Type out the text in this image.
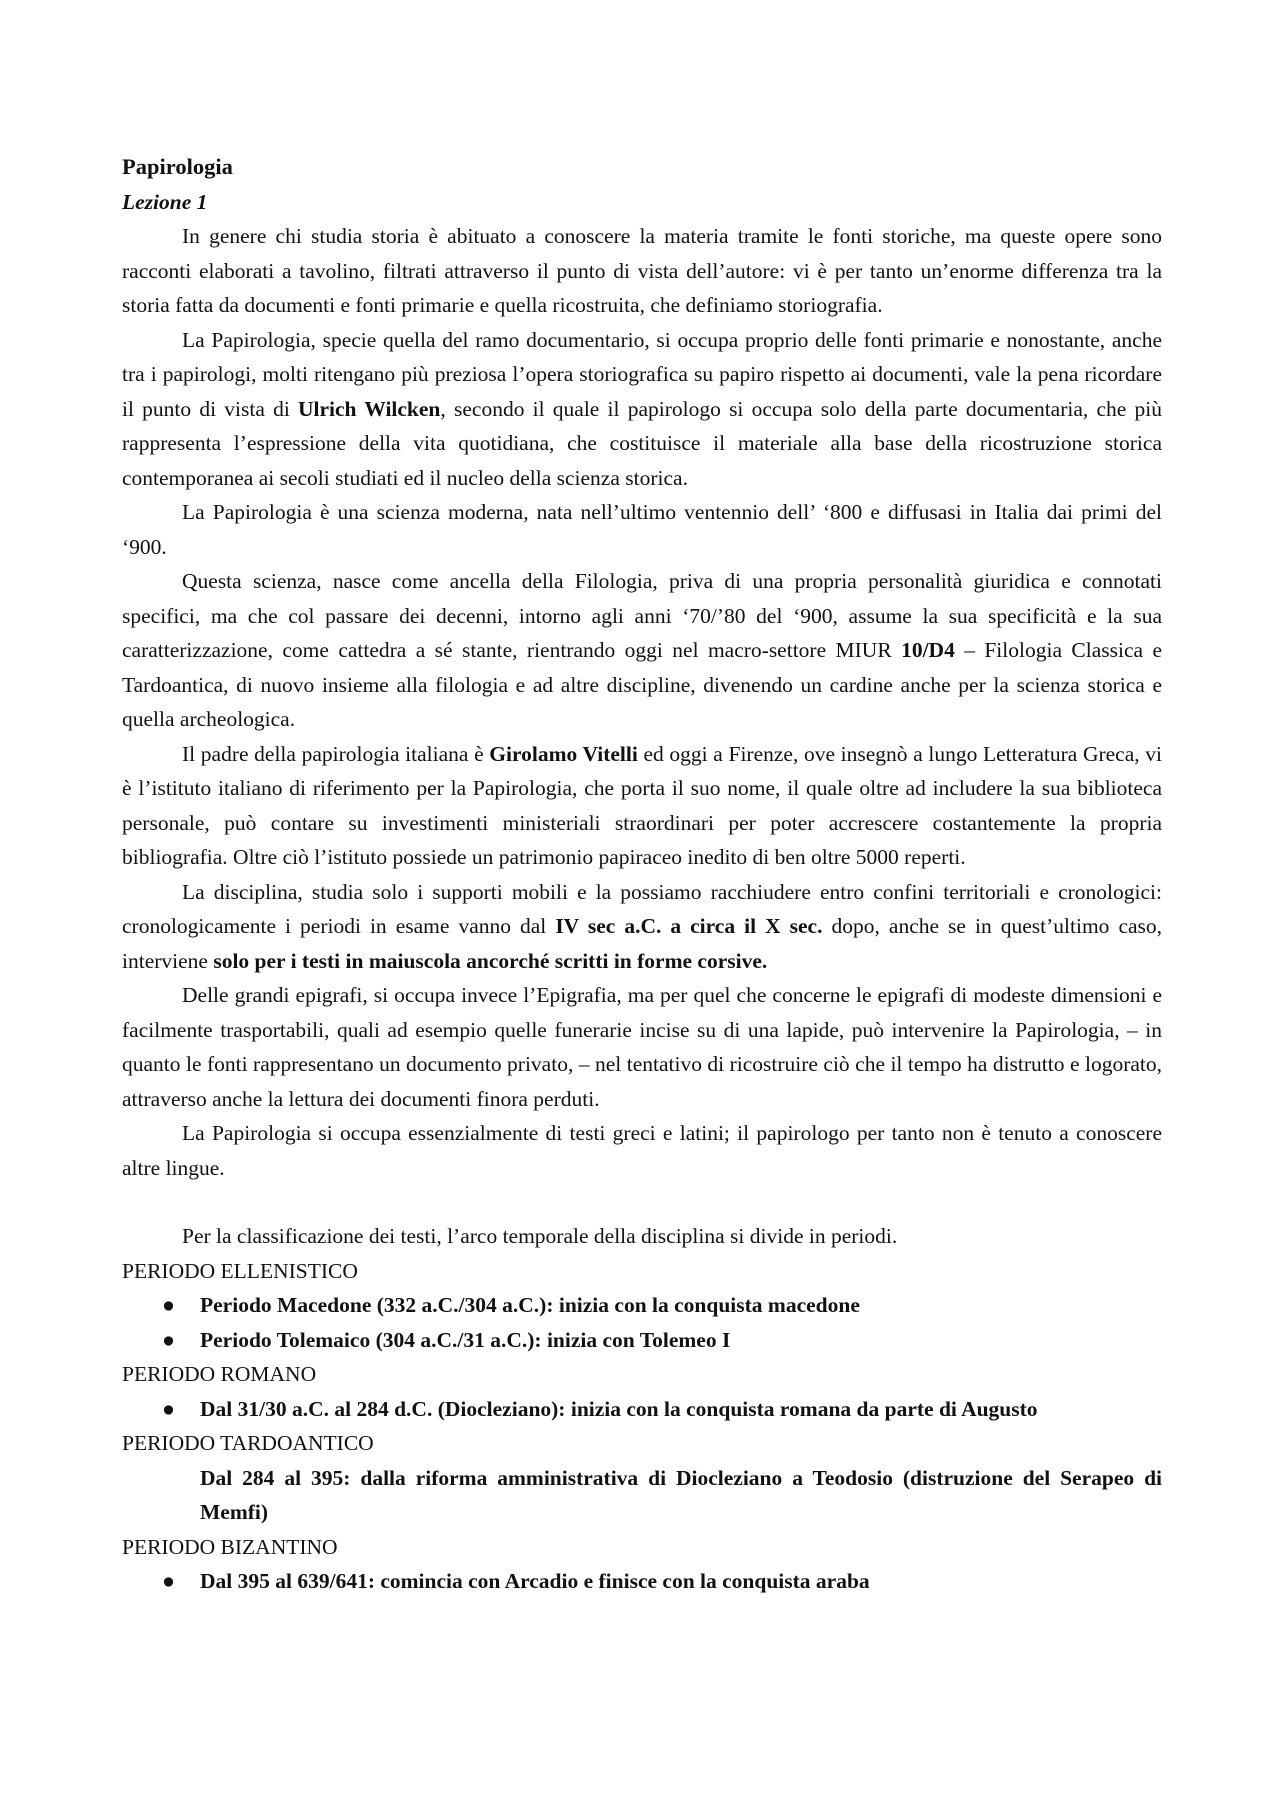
Papirologia
Lezione 1

In genere chi studia storia è abituato a conoscere la materia tramite le fonti storiche, ma queste opere sono racconti elaborati a tavolino, filtrati attraverso il punto di vista dell’autore: vi è per tanto un’enorme differenza tra la storia fatta da documenti e fonti primarie e quella ricostruita, che definiamo storiografia.

La Papirologia, specie quella del ramo documentario, si occupa proprio delle fonti primarie e nonostante, anche tra i papirologi, molti ritengano più preziosa l’opera storiografica su papiro rispetto ai documenti, vale la pena ricordare il punto di vista di Ulrich Wilcken, secondo il quale il papirologo si occupa solo della parte documentaria, che più rappresenta l’espressione della vita quotidiana, che costituisce il materiale alla base della ricostruzione storica contemporanea ai secoli studiati ed il nucleo della scienza storica.

La Papirologia è una scienza moderna, nata nell’ultimo ventennio dell’ ‘800 e diffusasi in Italia dai primi del ‘900.

Questa scienza, nasce come ancella della Filologia, priva di una propria personalità giuridica e connotati specifici, ma che col passare dei decenni, intorno agli anni ‘70/’80 del ‘900, assume la sua specificità e la sua caratterizzazione, come cattedra a sé stante, rientrando oggi nel macro-settore MIUR 10/D4 – Filologia Classica e Tardoantica, di nuovo insieme alla filologia e ad altre discipline, divenendo un cardine anche per la scienza storica e quella archeologica.

Il padre della papirologia italiana è Girolamo Vitelli ed oggi a Firenze, ove insegnò a lungo Letteratura Greca, vi è l’istituto italiano di riferimento per la Papirologia, che porta il suo nome, il quale oltre ad includere la sua biblioteca personale, può contare su investimenti ministeriali straordinari per poter accrescere costantemente la propria bibliografia. Oltre ciò l’istituto possiede un patrimonio papiraceo inedito di ben oltre 5000 reperti.

La disciplina, studia solo i supporti mobili e la possiamo racchiudere entro confini territoriali e cronologici: cronologicamente i periodi in esame vanno dal IV sec a.C. a circa il X sec. dopo, anche se in quest’ultimo caso, interviene solo per i testi in maiuscola ancorché scritti in forme corsive.

Delle grandi epigrafi, si occupa invece l’Epigrafia, ma per quel che concerne le epigrafi di modeste dimensioni e facilmente trasportabili, quali ad esempio quelle funerarie incise su di una lapide, può intervenire la Papirologia, – in quanto le fonti rappresentano un documento privato, – nel tentativo di ricostruire ciò che il tempo ha distrutto e logorato, attraverso anche la lettura dei documenti finora perduti.

La Papirologia si occupa essenzialmente di testi greci e latini; il papirologo per tanto non è tenuto a conoscere altre lingue.

Per la classificazione dei testi, l’arco temporale della disciplina si divide in periodi.

PERIODO ELLENISTICO
● Periodo Macedone (332 a.C./304 a.C.): inizia con la conquista macedone
● Periodo Tolemaico (304 a.C./31 a.C.): inizia con Tolemeo I
PERIODO ROMANO
● Dal 31/30 a.C. al 284 d.C. (Diocleziano): inizia con la conquista romana da parte di Augusto
PERIODO TARDOANTICO
Dal 284 al 395: dalla riforma amministrativa di Diocleziano a Teodosio (distruzione del Serapeo di Memfi)
PERIODO BIZANTINO
● Dal 395 al 639/641: comincia con Arcadio e finisce con la conquista araba
